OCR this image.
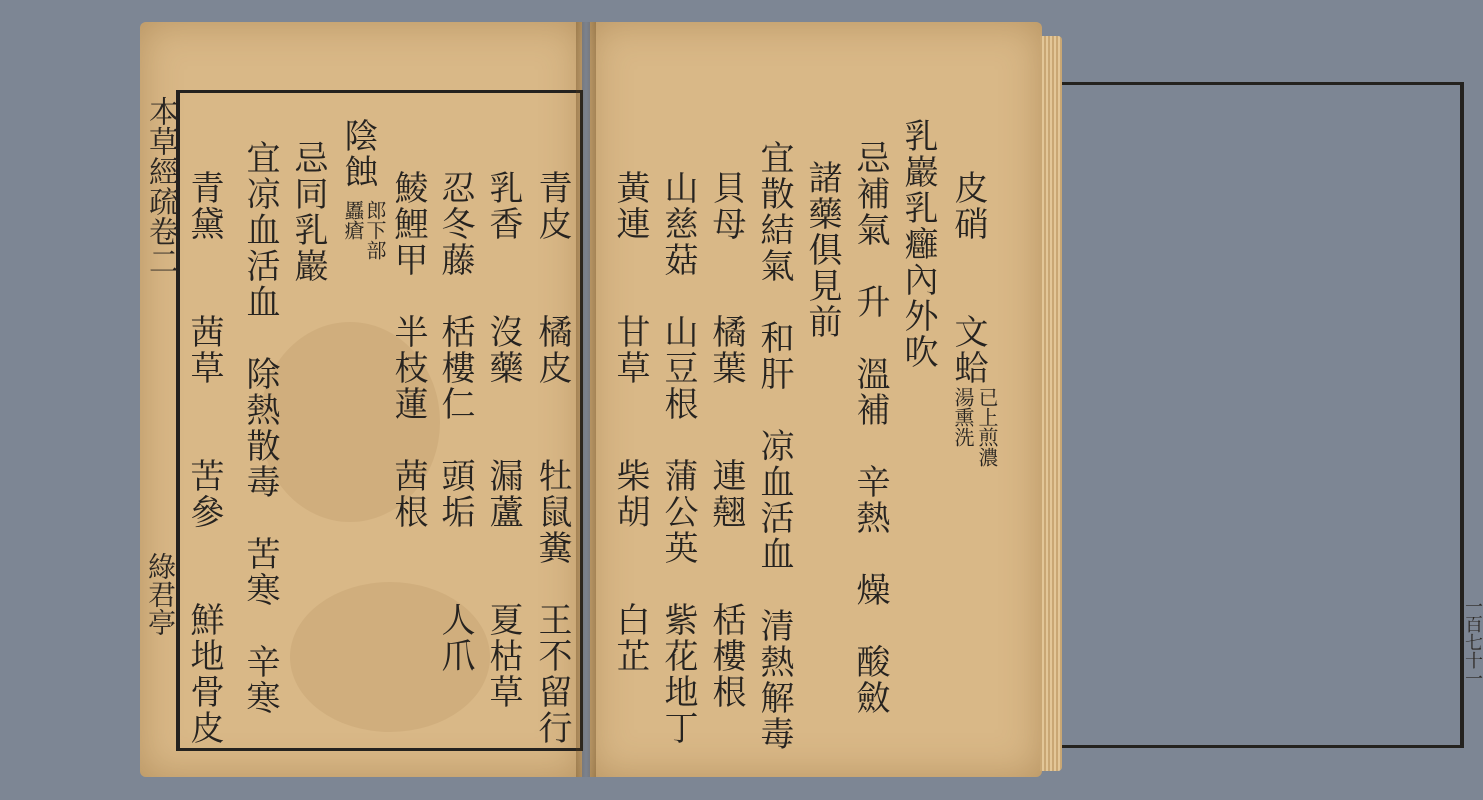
本草經疏卷二
綠君亭	青皮　　橘皮　　牡鼠糞　王不留行
乳香　　沒藥　　漏蘆　　夏枯草
忍冬藤　栝樓仁　頭垢　　人爪
鯪鯉甲　半枝蓮　茜根
陰蝕
郎下部
䘌瘡
忌同乳巖
宜凉血活血　除熱散毒　苦寒　辛寒
青黛　　茜草　　苦參　　鮮地骨皮	一百七十一
皮硝　　文蛤
已上煎濃
湯熏洗
乳巖乳癰內外吹
忌補氣　升　溫補　辛熱　燥　酸斂
諸藥俱見前
宜散結氣　和肝　凉血活血　清熱解毒
貝母　　橘葉　　連翹　　栝樓根
山慈菇　山豆根　蒲公英　紫花地丁
黃連　　甘草　　柴胡　　白芷
